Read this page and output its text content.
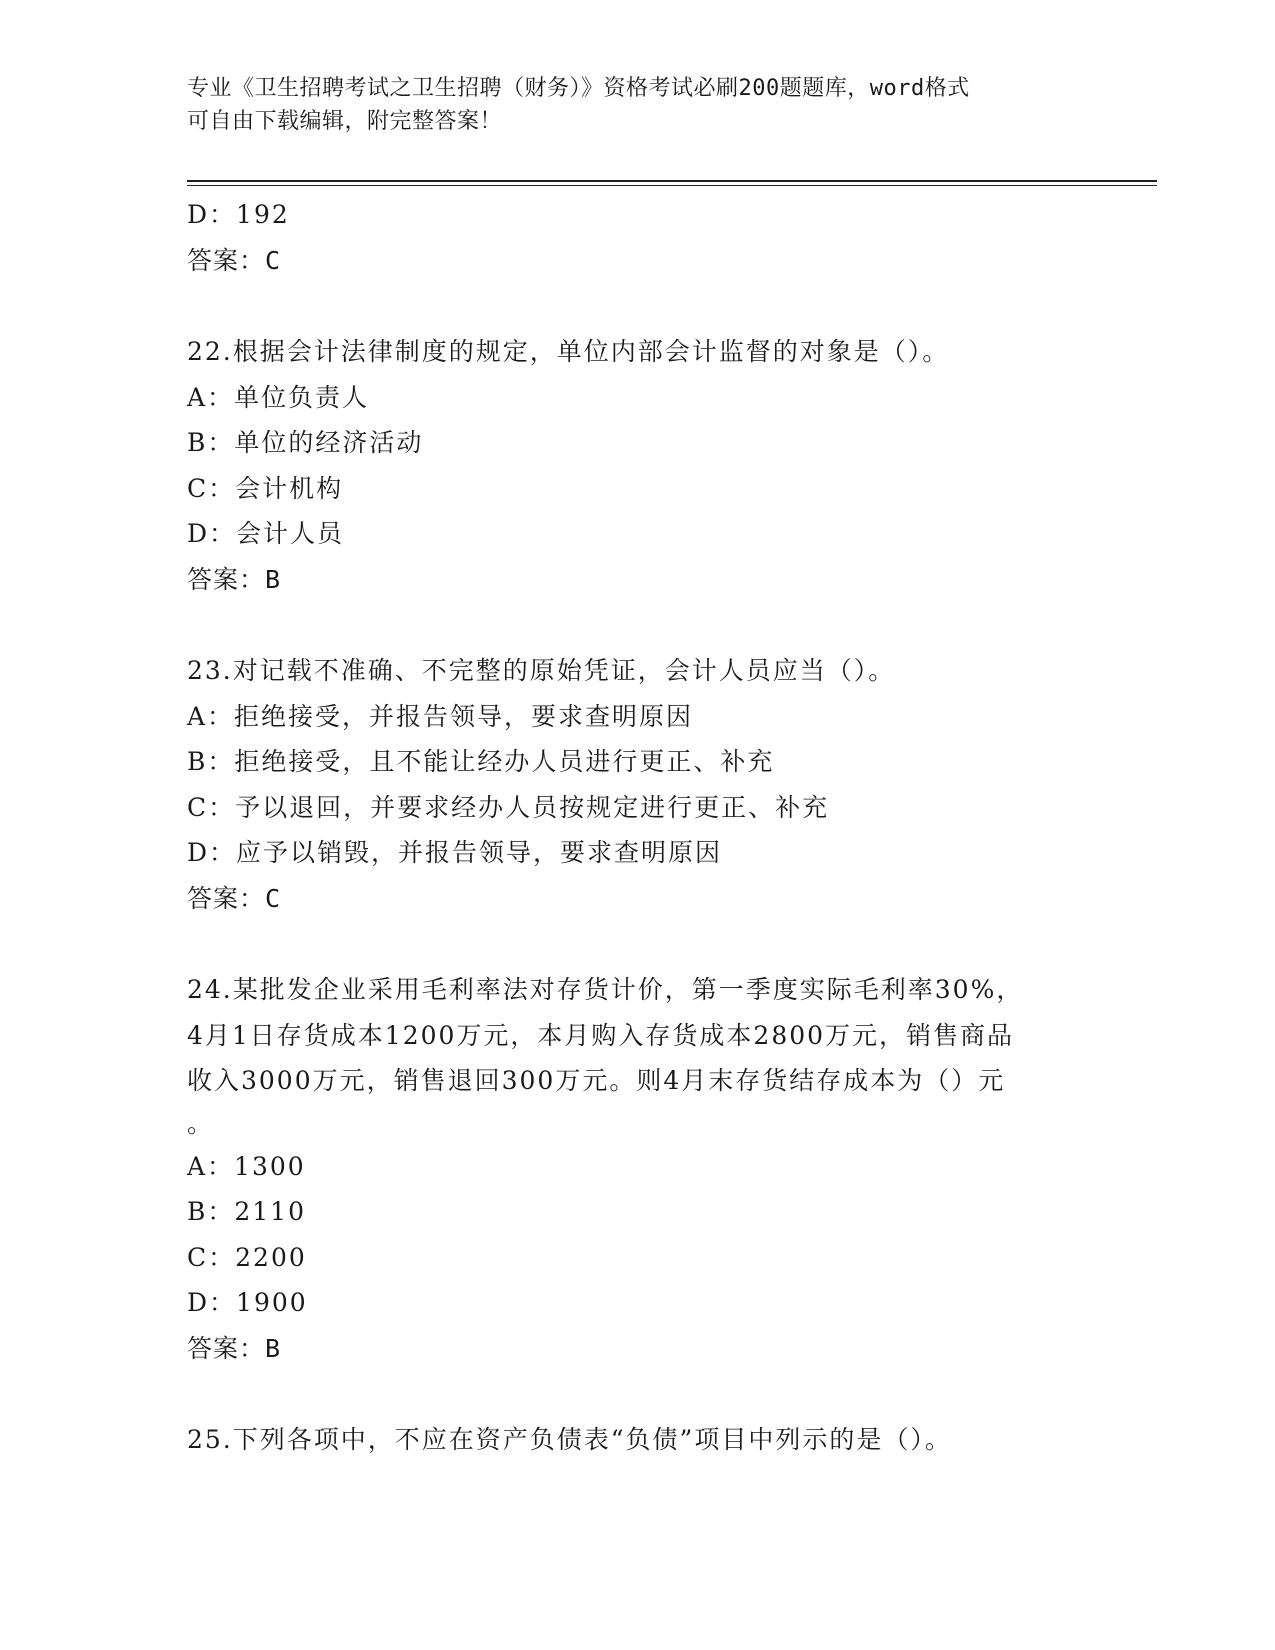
专业《卫生招聘考试之卫生招聘（财务）》资格考试必刷200题题库，word格式
可自由下载编辑，附完整答案！

D：192

答案：C

22.根据会计法律制度的规定，单位内部会计监督的对象是（）。

A：单位负责人

B：单位的经济活动

C：会计机构

D：会计人员

答案：B

23.对记载不准确、不完整的原始凭证，会计人员应当（）。

A：拒绝接受，并报告领导，要求查明原因

B：拒绝接受，且不能让经办人员进行更正、补充

C：予以退回，并要求经办人员按规定进行更正、补充

D：应予以销毁，并报告领导，要求查明原因

答案：C

24.某批发企业采用毛利率法对存货计价，第一季度实际毛利率30%，

4月1日存货成本1200万元，本月购入存货成本2800万元，销售商品

收入3000万元，销售退回300万元。则4月末存货结存成本为（）元

。

A：1300

B：2110

C：2200

D：1900

答案：B

25.下列各项中，不应在资产负债表“负债”项目中列示的是（）。
